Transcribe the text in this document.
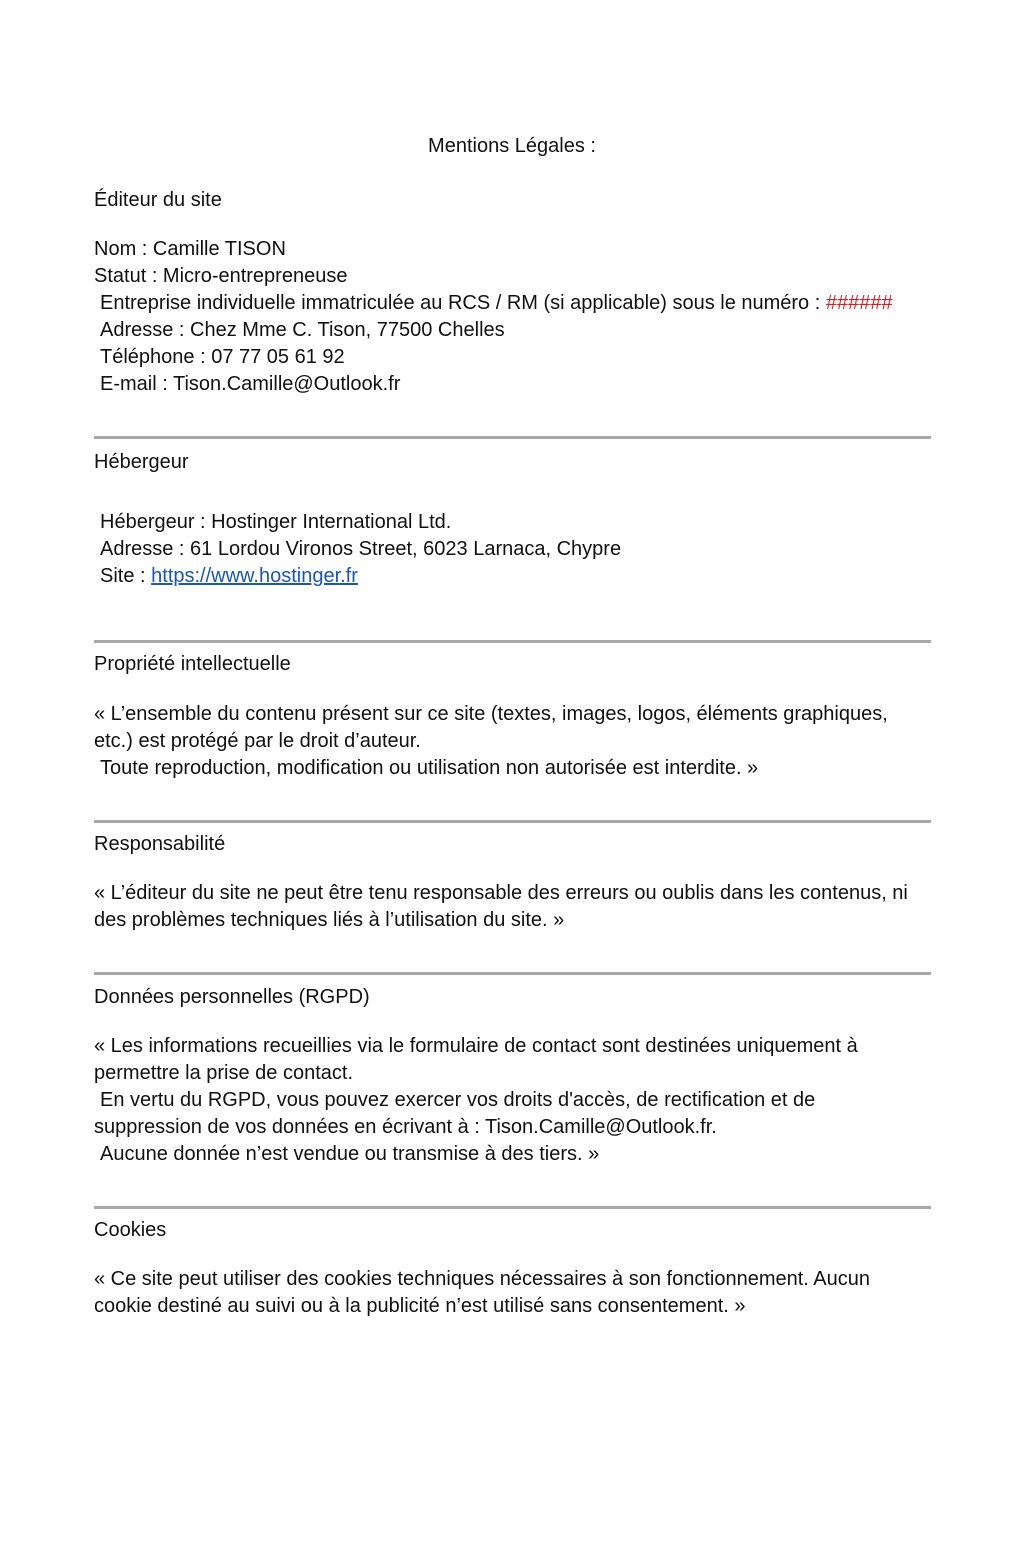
Mentions Légales :
Éditeur du site
Nom : Camille TISON
Statut : Micro-entrepreneuse
Entreprise individuelle immatriculée au RCS / RM (si applicable) sous le numéro : ######
Adresse : Chez Mme C. Tison, 77500 Chelles
Téléphone : 07 77 05 61 92
E-mail : Tison.Camille@Outlook.fr
Hébergeur
Hébergeur : Hostinger International Ltd.
Adresse : 61 Lordou Vironos Street, 6023 Larnaca, Chypre
Site : https://www.hostinger.fr
Propriété intellectuelle
« L’ensemble du contenu présent sur ce site (textes, images, logos, éléments graphiques,
etc.) est protégé par le droit d’auteur.
Toute reproduction, modification ou utilisation non autorisée est interdite. »
Responsabilité
« L’éditeur du site ne peut être tenu responsable des erreurs ou oublis dans les contenus, ni
des problèmes techniques liés à l’utilisation du site. »
Données personnelles (RGPD)
« Les informations recueillies via le formulaire de contact sont destinées uniquement à
permettre la prise de contact.
En vertu du RGPD, vous pouvez exercer vos droits d'accès, de rectification et de
suppression de vos données en écrivant à : Tison.Camille@Outlook.fr.
Aucune donnée n’est vendue ou transmise à des tiers. »
Cookies
« Ce site peut utiliser des cookies techniques nécessaires à son fonctionnement. Aucun
cookie destiné au suivi ou à la publicité n’est utilisé sans consentement. »
